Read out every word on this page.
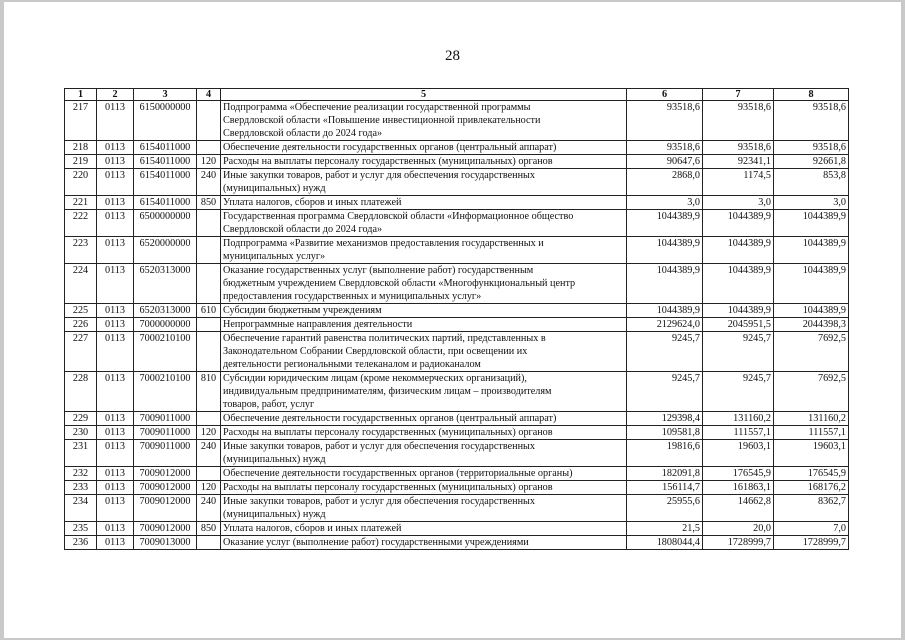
28
1	2	3	4	5	6	7	8
217	0113	6150000000		Подпрограмма «Обеспечение реализации государственной программы
Свердловской области «Повышение инвестиционной привлекательности
Свердловской области до 2024 года»	93518,6	93518,6	93518,6
218	0113	6154011000		Обеспечение деятельности государственных органов (центральный аппарат)	93518,6	93518,6	93518,6
219	0113	6154011000	120	Расходы на выплаты персоналу государственных (муниципальных) органов	90647,6	92341,1	92661,8
220	0113	6154011000	240	Иные закупки товаров, работ и услуг для обеспечения государственных
(муниципальных) нужд	2868,0	1174,5	853,8
221	0113	6154011000	850	Уплата налогов, сборов и иных платежей	3,0	3,0	3,0
222	0113	6500000000		Государственная программа Свердловской области «Информационное общество
Свердловской области до 2024 года»	1044389,9	1044389,9	1044389,9
223	0113	6520000000		Подпрограмма «Развитие механизмов предоставления государственных и
муниципальных услуг»	1044389,9	1044389,9	1044389,9
224	0113	6520313000		Оказание государственных услуг (выполнение работ) государственным
бюджетным учреждением Свердловской области «Многофункциональный центр
предоставления государственных и муниципальных услуг»	1044389,9	1044389,9	1044389,9
225	0113	6520313000	610	Субсидии бюджетным учреждениям	1044389,9	1044389,9	1044389,9
226	0113	7000000000		Непрограммные направления деятельности	2129624,0	2045951,5	2044398,3
227	0113	7000210100		Обеспечение гарантий равенства политических партий, представленных в
Законодательном Собрании Свердловской области, при освещении их
деятельности региональными телеканалом и радиоканалом	9245,7	9245,7	7692,5
228	0113	7000210100	810	Субсидии юридическим лицам (кроме некоммерческих организаций),
индивидуальным предпринимателям, физическим лицам – производителям
товаров, работ, услуг	9245,7	9245,7	7692,5
229	0113	7009011000		Обеспечение деятельности государственных органов (центральный аппарат)	129398,4	131160,2	131160,2
230	0113	7009011000	120	Расходы на выплаты персоналу государственных (муниципальных) органов	109581,8	111557,1	111557,1
231	0113	7009011000	240	Иные закупки товаров, работ и услуг для обеспечения государственных
(муниципальных) нужд	19816,6	19603,1	19603,1
232	0113	7009012000		Обеспечение деятельности государственных органов (территориальные органы)	182091,8	176545,9	176545,9
233	0113	7009012000	120	Расходы на выплаты персоналу государственных (муниципальных) органов	156114,7	161863,1	168176,2
234	0113	7009012000	240	Иные закупки товаров, работ и услуг для обеспечения государственных
(муниципальных) нужд	25955,6	14662,8	8362,7
235	0113	7009012000	850	Уплата налогов, сборов и иных платежей	21,5	20,0	7,0
236	0113	7009013000		Оказание услуг (выполнение работ) государственными учреждениями	1808044,4	1728999,7	1728999,7
